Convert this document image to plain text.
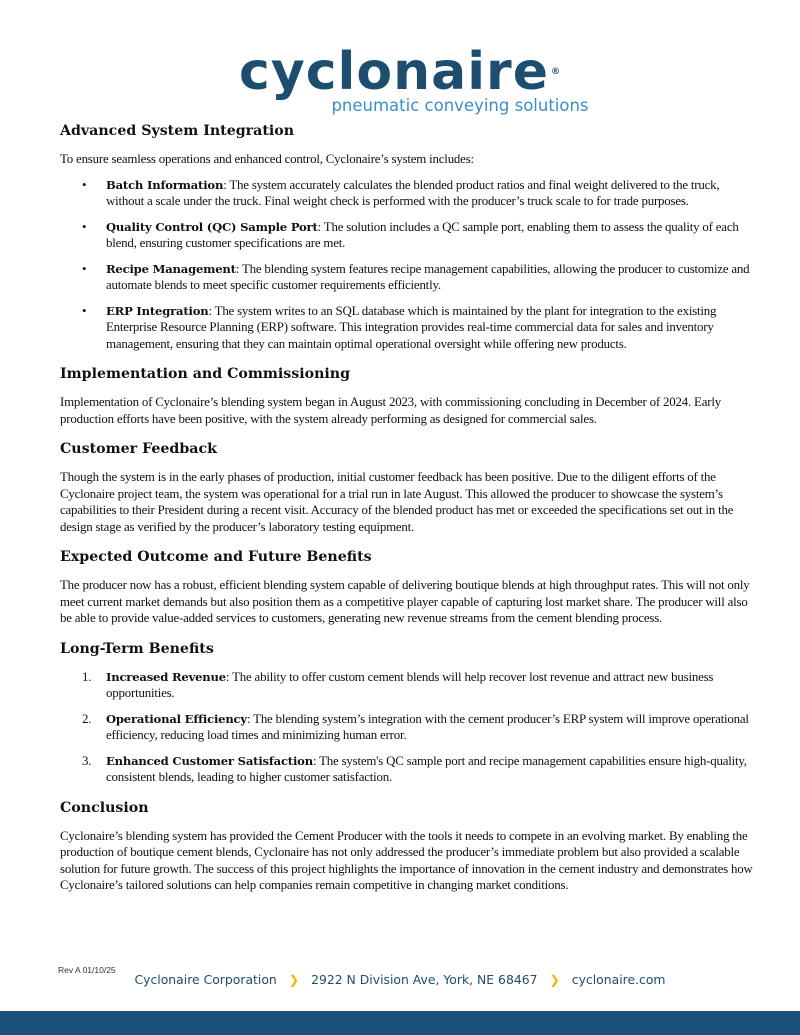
cyclonaire ®
pneumatic conveying solutions
Advanced System Integration

To ensure seamless operations and enhanced control, Cyclonaire’s system includes:

• Batch Information: The system accurately calculates the blended product ratios and final weight delivered to the truck, without a scale under the truck. Final weight check is performed with the producer’s truck scale to for trade purposes.
• Quality Control (QC) Sample Port: The solution includes a QC sample port, enabling them to assess the quality of each blend, ensuring customer specifications are met.
• Recipe Management: The blending system features recipe management capabilities, allowing the producer to customize and automate blends to meet specific customer requirements efficiently.
• ERP Integration: The system writes to an SQL database which is maintained by the plant for integration to the existing Enterprise Resource Planning (ERP) software. This integration provides real-time commercial data for sales and inventory management, ensuring that they can maintain optimal operational oversight while offering new products.
Implementation and Commissioning

Implementation of Cyclonaire’s blending system began in August 2023, with commissioning concluding in December of 2024. Early production efforts have been positive, with the system already performing as designed for commercial sales.

Customer Feedback

Though the system is in the early phases of production, initial customer feedback has been positive. Due to the diligent efforts of the Cyclonaire project team, the system was operational for a trial run in late August. This allowed the producer to showcase the system’s capabilities to their President during a recent visit. Accuracy of the blended product has met or exceeded the specifications set out in the design stage as verified by the producer’s laboratory testing equipment.

Expected Outcome and Future Benefits

The producer now has a robust, efficient blending system capable of delivering boutique blends at high throughput rates. This will not only meet current market demands but also position them as a competitive player capable of capturing lost market share. The producer will also be able to provide value-added services to customers, generating new revenue streams from the cement blending process.

Long-Term Benefits
1. Increased Revenue: The ability to offer custom cement blends will help recover lost revenue and attract new business opportunities.
2. Operational Efficiency: The blending system’s integration with the cement producer’s ERP system will improve operational efficiency, reducing load times and minimizing human error.
3. Enhanced Customer Satisfaction: The system's QC sample port and recipe management capabilities ensure high-quality, consistent blends, leading to higher customer satisfaction.
Conclusion

Cyclonaire’s blending system has provided the Cement Producer with the tools it needs to compete in an evolving market. By enabling the production of boutique cement blends, Cyclonaire has not only addressed the producer’s immediate problem but also provided a scalable solution for future growth. The success of this project highlights the importance of innovation in the cement industry and demonstrates how Cyclonaire’s tailored solutions can help companies remain competitive in changing market conditions.

Rev A 01/10/25
Cyclonaire Corporation ❯ 2922 N Division Ave, York, NE 68467 ❯ cyclonaire.com
